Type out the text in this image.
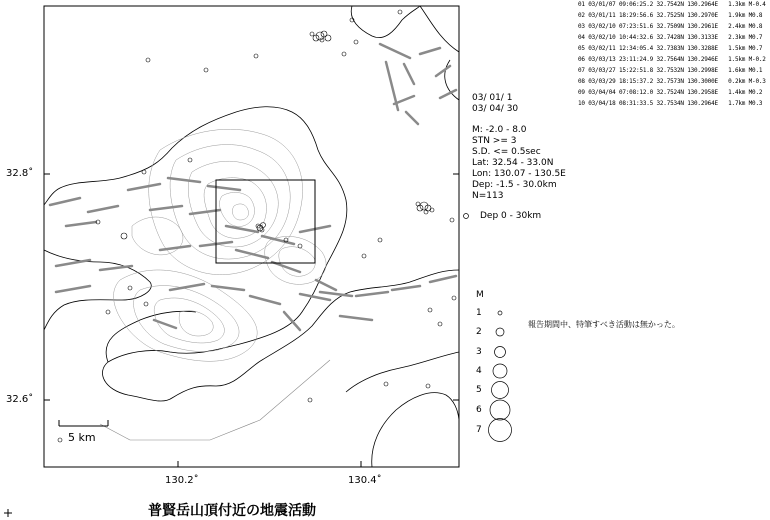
32.8˚
32.6˚
130.2˚	130.4˚
5 km
03/ 01/ 1
03/ 04/ 30
M: -2.0 - 8.0
STN >= 3
S.D. <= 0.5sec
Lat: 32.54 - 33.0N
Lon: 130.07 - 130.5E
Dep: -1.5 - 30.0km
N=113
Dep 0 - 30km
M
1
2
3
4
5
6
7
01 03/01/07 09:06:25.2 32.7542N 130.2964E   1.3km M-0.4
02 03/01/11 18:29:56.6 32.7525N 130.2970E   1.9km M0.8
03 03/02/10 07:23:51.6 32.7509N 130.2961E   2.4km M0.8
04 03/02/10 10:44:32.6 32.7428N 130.3133E   2.3km M0.7
05 03/02/11 12:34:05.4 32.7383N 130.3288E   1.5km M0.7
06 03/03/13 23:11:24.9 32.7564N 130.2946E   1.5km M-0.2
07 03/03/27 15:22:51.8 32.7532N 130.2998E   1.6km M0.1
08 03/03/29 18:15:37.2 32.7573N 130.3000E   0.2km M-0.3
09 03/04/04 07:08:12.0 32.7524N 130.2958E   1.4km M0.2
10 03/04/18 08:31:33.5 32.7534N 130.2964E   1.7km M0.3
報告期間中、特筆すべき活動は無かった。
普賢岳山頂付近の地震活動
